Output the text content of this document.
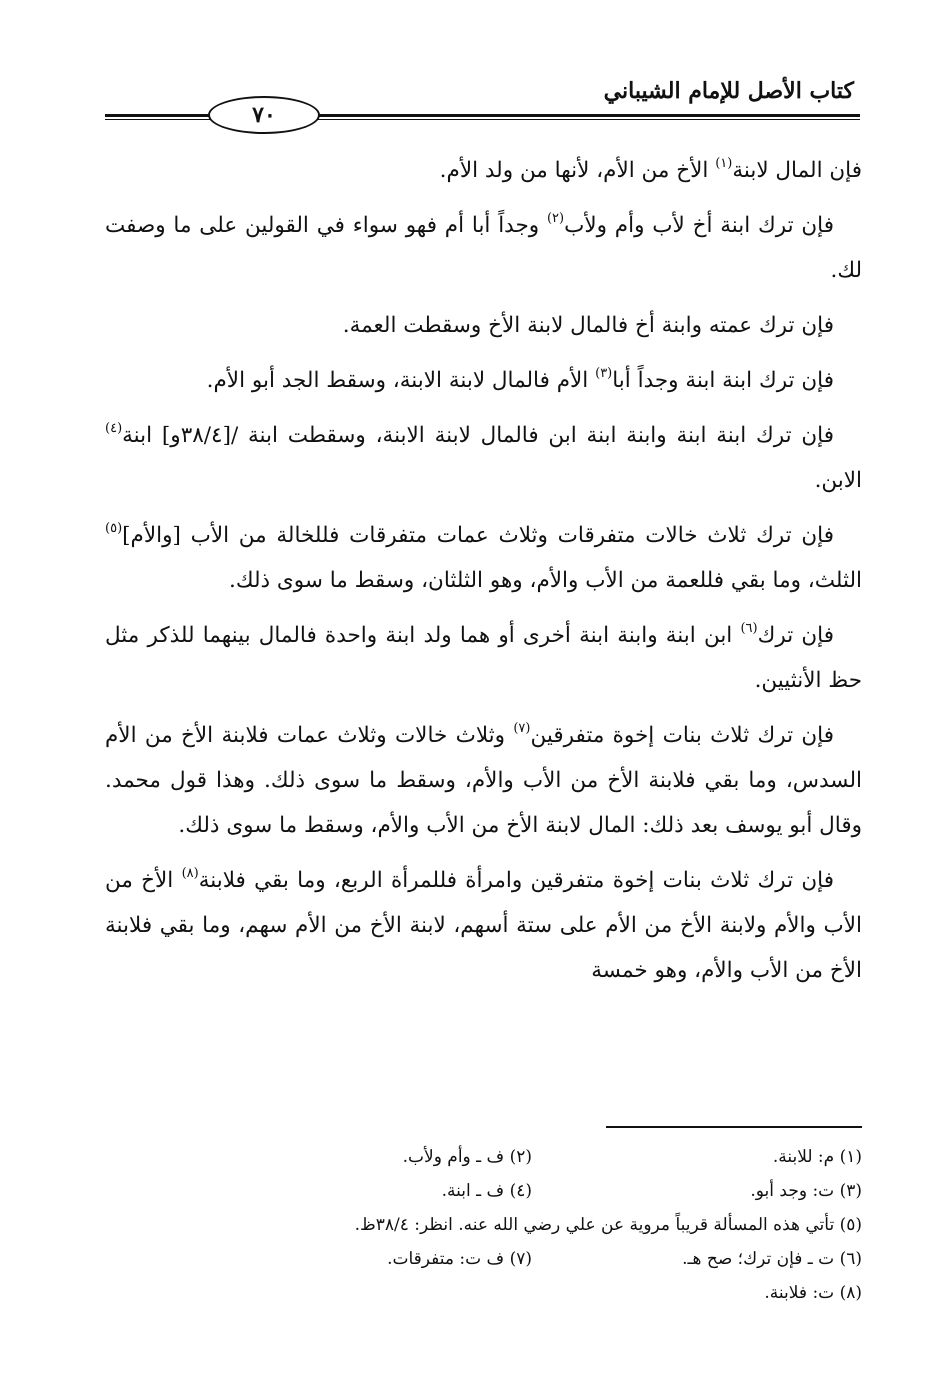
كتاب الأصل للإمام الشيباني
٧٠

فإن المال لابنة$^{(١)}$ الأخ من الأم، لأنها من ولد الأم.

فإن ترك ابنة أخ لأب وأم ولأب$^{(٢)}$ وجداً أبا أم فهو سواء في القولين على ما وصفت لك.

فإن ترك عمته وابنة أخ فالمال لابنة الأخ وسقطت العمة.

فإن ترك ابنة ابنة وجداً أبا$^{(٣)}$ الأم فالمال لابنة الابنة، وسقط الجد أبو الأم.

فإن ترك ابنة ابنة وابنة ابنة ابن فالمال لابنة الابنة، وسقطت ابنة /[٣٨/٤و] ابنة$^{(٤)}$ الابن.

فإن ترك ثلاث خالات متفرقات وثلاث عمات متفرقات فللخالة من الأب [والأم]$^{(٥)}$ الثلث، وما بقي فللعمة من الأب والأم، وهو الثلثان، وسقط ما سوى ذلك.

فإن ترك$^{(٦)}$ ابن ابنة وابنة ابنة أخرى أو هما ولد ابنة واحدة فالمال بينهما للذكر مثل حظ الأنثيين.

فإن ترك ثلاث بنات إخوة متفرقين$^{(٧)}$ وثلاث خالات وثلاث عمات فلابنة الأخ من الأم السدس، وما بقي فلابنة الأخ من الأب والأم، وسقط ما سوى ذلك. وهذا قول محمد. وقال أبو يوسف بعد ذلك: المال لابنة الأخ من الأب والأم، وسقط ما سوى ذلك.

فإن ترك ثلاث بنات إخوة متفرقين وامرأة فللمرأة الربع، وما بقي فلابنة$^{(٨)}$ الأخ من الأب والأم ولابنة الأخ من الأم على ستة أسهم، لابنة الأخ من الأم سهم، وما بقي فلابنة الأخ من الأب والأم، وهو خمسة

(١) م: للابنة.
(٢) ف ـ وأم ولأب.
(٣) ت: وجد أبو.
(٤) ف ـ ابنة.
(٥) تأتي هذه المسألة قريباً مروية عن علي رضي الله عنه. انظر: ٣٨/٤ظ.
(٦) ت ـ فإن ترك؛ صح هـ.
(٧) ف ت: متفرقات.
(٨) ت: فلابنة.
